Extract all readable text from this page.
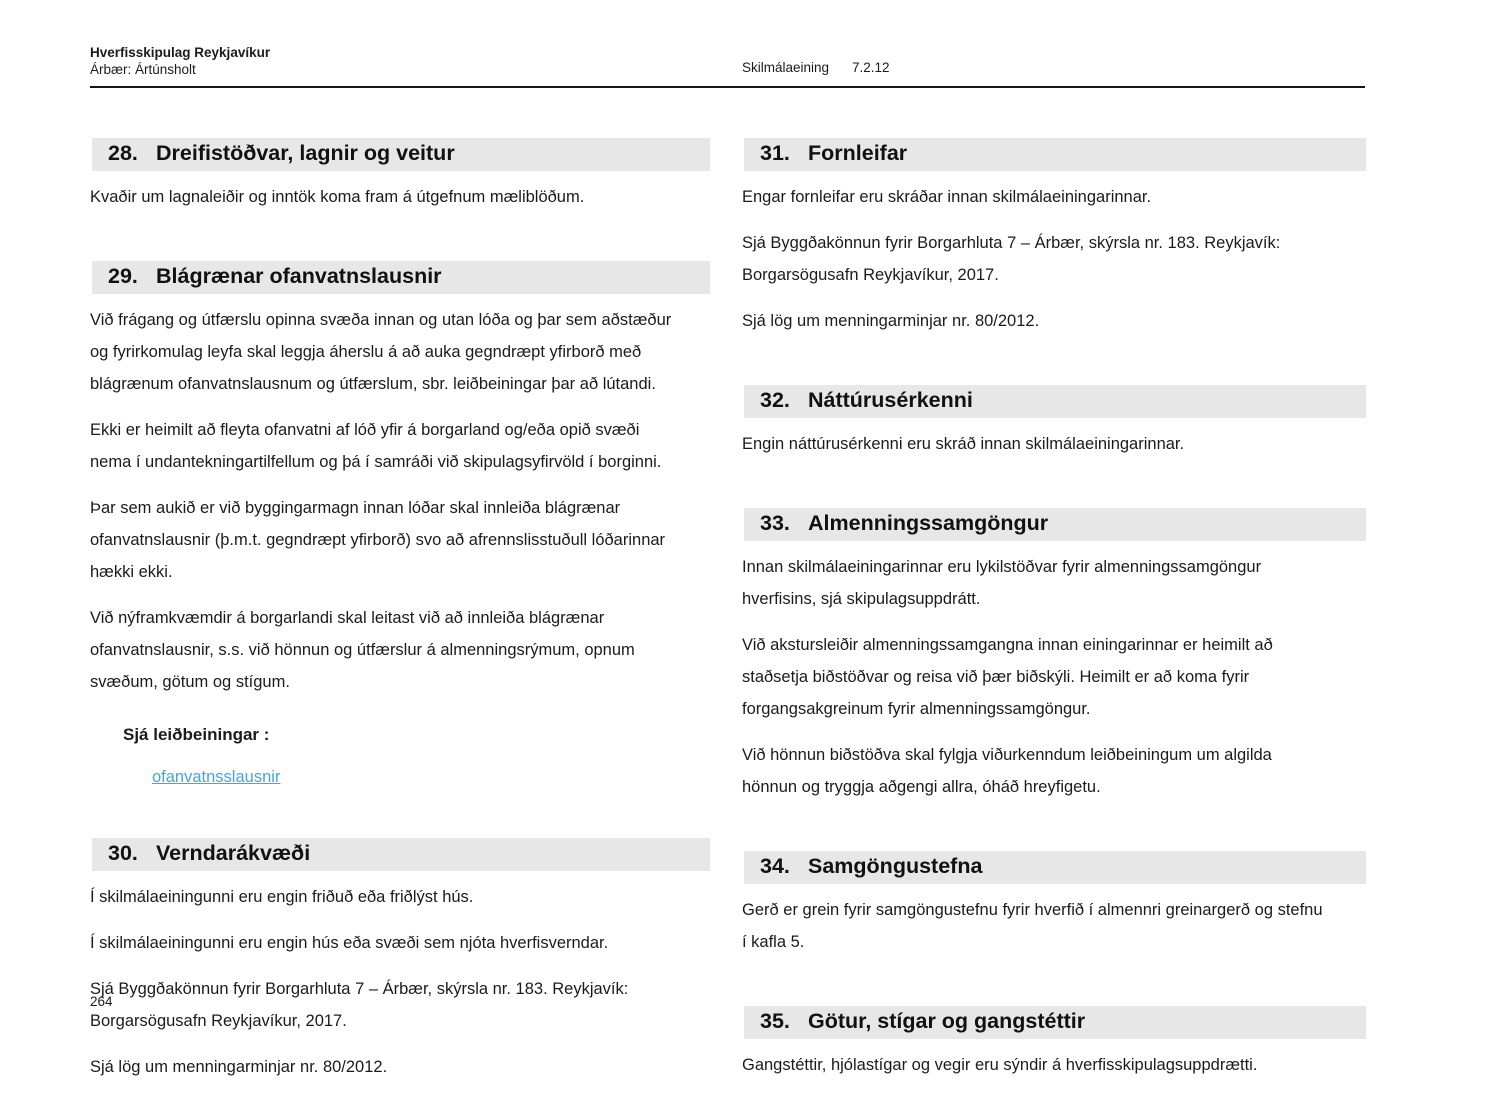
Hverfisskipulag Reykjavíkur
Árbær: Ártúnsholt	Skilmálaeining 7.2.12
28. Dreifistöðvar, lagnir og veitur

Kvaðir um lagnaleiðir og inntök koma fram á útgefnum mæliblöðum.

29. Blágrænar ofanvatnslausnir

Við frágang og útfærslu opinna svæða innan og utan lóða og þar sem aðstæður og fyrirkomulag leyfa skal leggja áherslu á að auka gegndræpt yfirborð með blágrænum ofanvatnslausnum og útfærslum, sbr. leiðbeiningar þar að lútandi.

Ekki er heimilt að fleyta ofanvatni af lóð yfir á borgarland og/eða opið svæði nema í undantekningartilfellum og þá í samráði við skipulagsyfirvöld í borginni.

Þar sem aukið er við byggingarmagn innan lóðar skal innleiða blágrænar ofanvatnslausnir (þ.m.t. gegndræpt yfirborð) svo að afrennslisstuðull lóðarinnar hækki ekki.

Við nýframkvæmdir á borgarlandi skal leitast við að innleiða blágrænar ofanvatnslausnir, s.s. við hönnun og útfærslur á almenningsrýmum, opnum svæðum, götum og stígum.

Sjá leiðbeiningar :

ofanvatnsslausnir

30. Verndarákvæði

Í skilmálaeiningunni eru engin friðuð eða friðlýst hús.

Í skilmálaeiningunni eru engin hús eða svæði sem njóta hverfisverndar.

Sjá Byggðakönnun fyrir Borgarhluta 7 – Árbær, skýrsla nr. 183. Reykjavík: Borgarsögusafn Reykjavíkur, 2017.

Sjá lög um menningarminjar nr. 80/2012.

31. Fornleifar

Engar fornleifar eru skráðar innan skilmálaeiningarinnar.

Sjá Byggðakönnun fyrir Borgarhluta 7 – Árbær, skýrsla nr. 183. Reykjavík: Borgarsögusafn Reykjavíkur, 2017.

Sjá lög um menningarminjar nr. 80/2012.

32. Náttúrusérkenni

Engin náttúrusérkenni eru skráð innan skilmálaeiningarinnar.

33. Almenningssamgöngur

Innan skilmálaeiningarinnar eru lykilstöðvar fyrir almenningssamgöngur hverfisins, sjá skipulagsuppdrátt.

Við akstursleiðir almenningssamgangna innan einingarinnar er heimilt að staðsetja biðstöðvar og reisa við þær biðskýli. Heimilt er að koma fyrir forgangsakgreinum fyrir almenningssamgöngur.

Við hönnun biðstöðva skal fylgja viðurkenndum leiðbeiningum um algilda hönnun og tryggja aðgengi allra, óháð hreyfigetu.

34. Samgöngustefna

Gerð er grein fyrir samgöngustefnu fyrir hverfið í almennri greinargerð og stefnu í kafla 5.

35. Götur, stígar og gangstéttir

Gangstéttir, hjólastígar og vegir eru sýndir á hverfisskipulagsuppdrætti.

264
